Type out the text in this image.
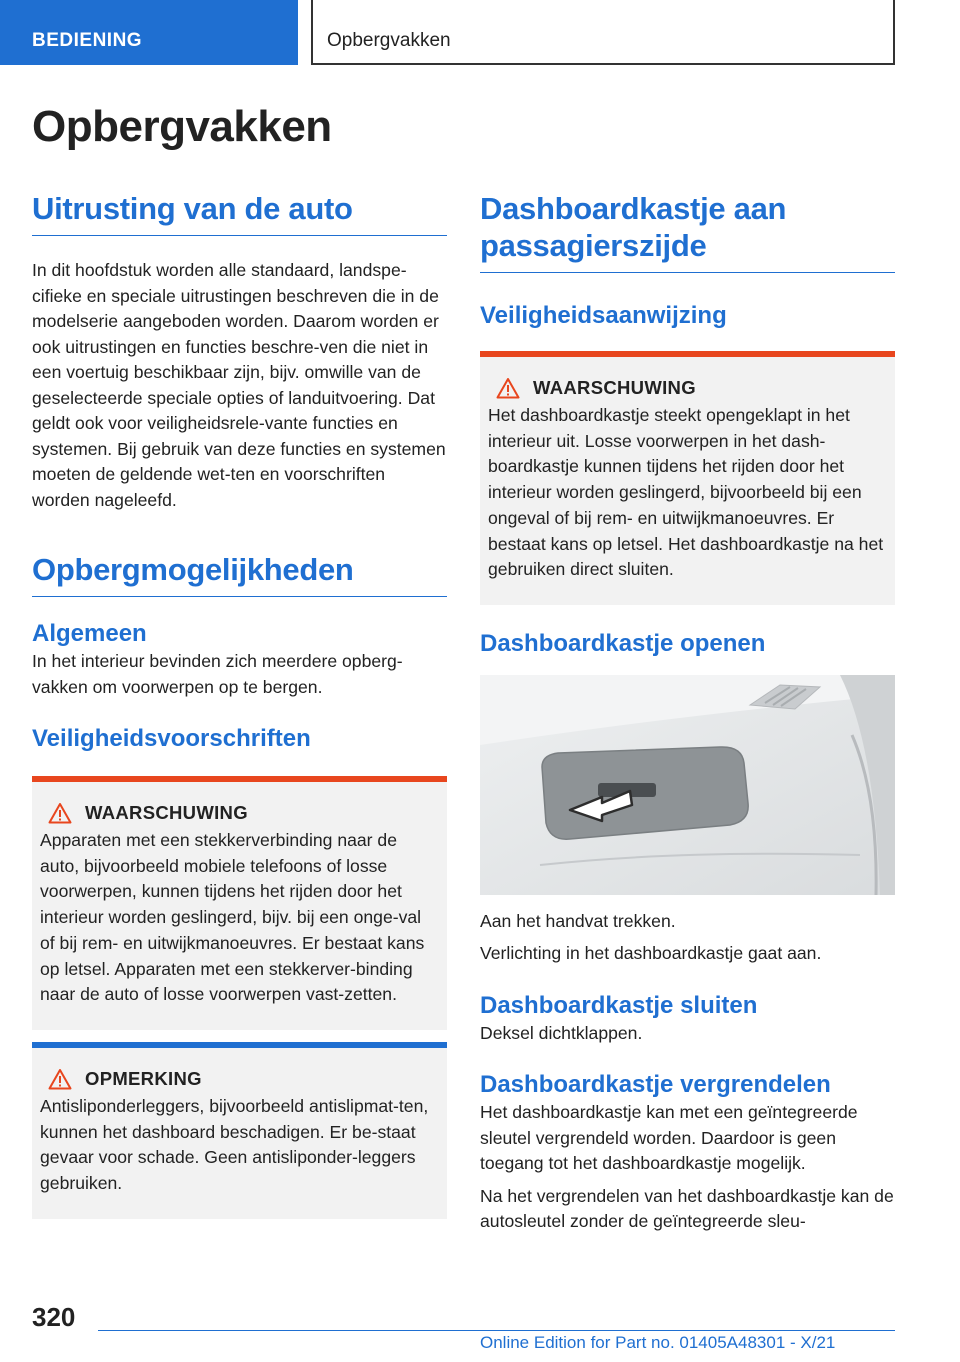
BEDIENING	Opbergvakken
Opbergvakken
Uitrusting van de auto

In dit hoofdstuk worden alle standaard, landspe-cifieke en speciale uitrustingen beschreven die in de modelserie aangeboden worden. Daarom worden er ook uitrustingen en functies beschre-ven die niet in een voertuig beschikbaar zijn, bijv. omwille van de geselecteerde speciale opties of landuitvoering. Dat geldt ook voor veiligheidsrele-vante functies en systemen. Bij gebruik van deze functies en systemen moeten de geldende wet-ten en voorschriften worden nageleefd.

Opbergmogelijkheden
Algemeen

In het interieur bevinden zich meerdere opberg-vakken om voorwerpen op te bergen.

Veiligheidsvoorschriften
WAARSCHUWING

Apparaten met een stekkerverbinding naar de auto, bijvoorbeeld mobiele telefoons of losse voorwerpen, kunnen tijdens het rijden door het interieur worden geslingerd, bijv. bij een onge-val of bij rem- en uitwijkmanoeuvres. Er bestaat kans op letsel. Apparaten met een stekkerver-binding naar de auto of losse voorwerpen vast-zetten.

OPMERKING

Antisliponderleggers, bijvoorbeeld antislipmat-ten, kunnen het dashboard beschadigen. Er be-staat gevaar voor schade. Geen antisliponder-leggers gebruiken.

Dashboardkastje aan passagierszijde
Veiligheidsaanwijzing
WAARSCHUWING

Het dashboardkastje steekt opengeklapt in het interieur uit. Losse voorwerpen in het dash-boardkastje kunnen tijdens het rijden door het interieur worden geslingerd, bijvoorbeeld bij een ongeval of bij rem- en uitwijkmanoeuvres. Er bestaat kans op letsel. Het dashboardkastje na het gebruiken direct sluiten.

Dashboardkastje openen

Aan het handvat trekken.

Verlichting in het dashboardkastje gaat aan.

Dashboardkastje sluiten

Deksel dichtklappen.

Dashboardkastje vergrendelen

Het dashboardkastje kan met een geïntegreerde sleutel vergrendeld worden. Daardoor is geen toegang tot het dashboardkastje mogelijk.

Na het vergrendelen van het dashboardkastje kan de autosleutel zonder de geïntegreerde sleu-

320
Online Edition for Part no. 01405A48301 - X/21
